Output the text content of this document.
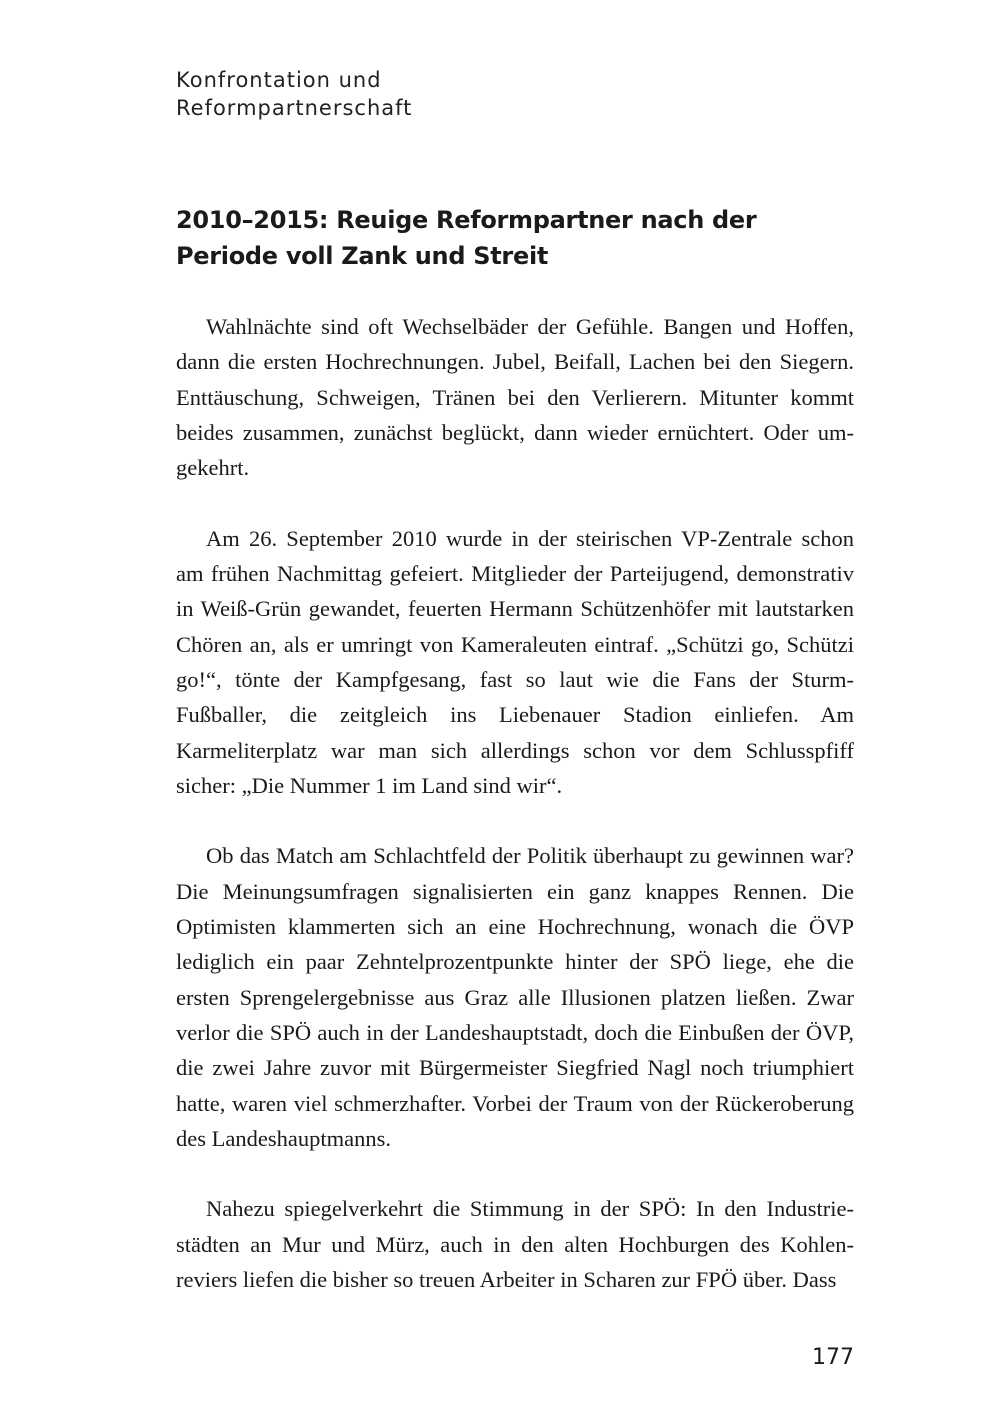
Konfrontation und
Reformpartnerschaft
2010–2015: Reuige Reformpartner nach der
Periode voll Zank und Streit

Wahlnächte sind oft Wechselbäder der Gefühle. Bangen und Hoffen, dann die ersten Hochrechnungen. Jubel, Beifall, Lachen bei den Siegern. Enttäuschung, Schweigen, Tränen bei den Verlierern. Mitunter kommt beides zusammen, zunächst beglückt, dann wieder ernüchtert. Oder umgekehrt.

Am 26. September 2010 wurde in der steirischen VP-Zentrale schon am frühen Nachmittag gefeiert. Mitglieder der Parteijugend, demonstrativ in Weiß-Grün gewandet, feuerten Hermann Schützenhöfer mit lautstarken Chören an, als er umringt von Kameraleuten eintraf. „Schützi go, Schützi go!“, tönte der Kampfgesang, fast so laut wie die Fans der Sturm-Fußballer, die zeitgleich ins Liebenauer Stadion einliefen. Am Karmeliterplatz war man sich allerdings schon vor dem Schlusspfiff sicher: „Die Nummer 1 im Land sind wir“.

Ob das Match am Schlachtfeld der Politik überhaupt zu gewinnen war? Die Meinungsumfragen signalisierten ein ganz knappes Rennen. Die Optimisten klammerten sich an eine Hochrechnung, wonach die ÖVP lediglich ein paar Zehntelprozentpunkte hinter der SPÖ liege, ehe die ersten Sprengelergebnisse aus Graz alle Illusionen platzen ließen. Zwar verlor die SPÖ auch in der Landeshauptstadt, doch die Einbußen der ÖVP, die zwei Jahre zuvor mit Bürgermeister Siegfried Nagl noch triumphiert hatte, waren viel schmerzhafter. Vorbei der Traum von der Rückeroberung des Landeshauptmanns.

Nahezu spiegelverkehrt die Stimmung in der SPÖ: In den Industriestädten an Mur und Mürz, auch in den alten Hochburgen des Kohlenreviers liefen die bisher so treuen Arbeiter in Scharen zur FPÖ über. Dass

177
